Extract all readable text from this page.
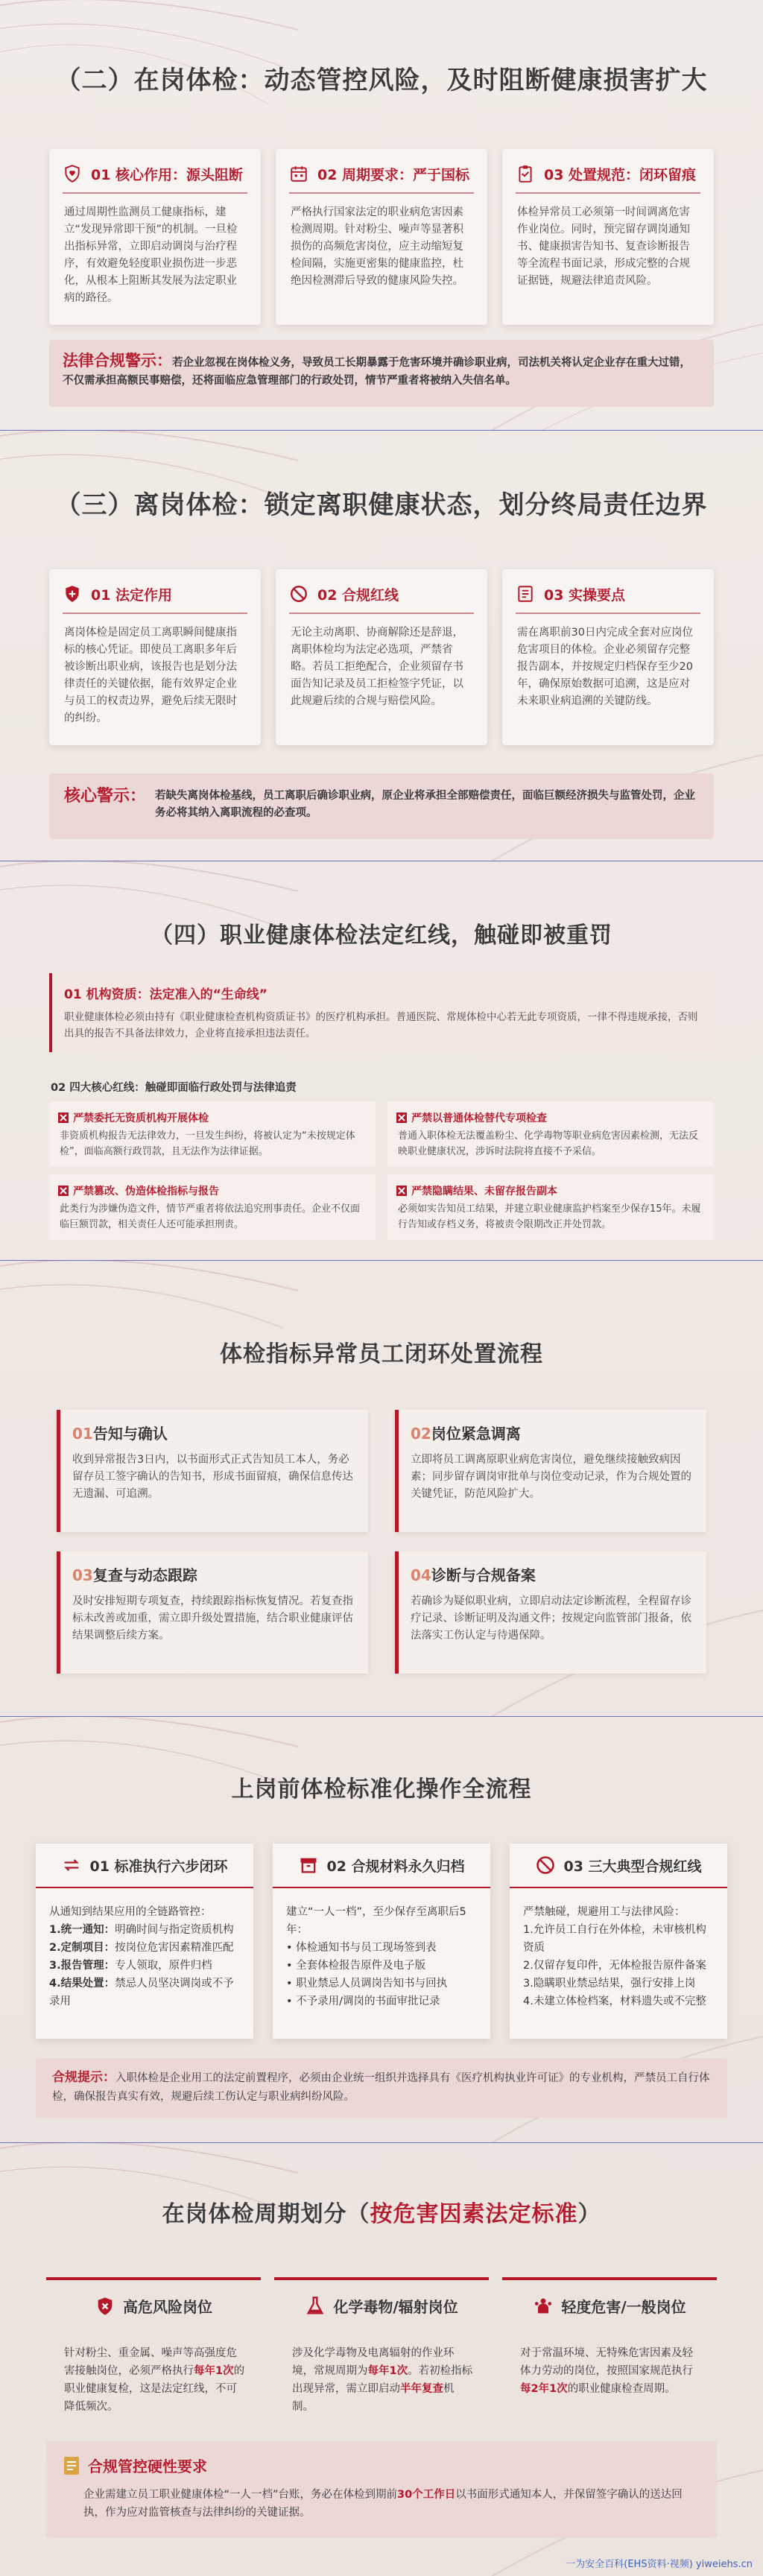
（二）在岗体检：动态管控风险，及时阻断健康损害扩大
01 核心作用：源头阻断
通过周期性监测员工健康指标，建立“发现异常即干预”的机制。一旦检出指标异常，立即启动调岗与治疗程序，有效避免轻度职业损伤进一步恶化，从根本上阻断其发展为法定职业病的路径。
02 周期要求：严于国标
严格执行国家法定的职业病危害因素检测周期。针对粉尘、噪声等显著积损伤的高频危害岗位，应主动缩短复检间隔，实施更密集的健康监控，杜绝因检测滞后导致的健康风险失控。
03 处置规范：闭环留痕
体检异常员工必须第一时间调离危害作业岗位。同时，预完留存调岗通知书、健康损害告知书、复查诊断报告等全流程书面记录，形成完整的合规证据链，规避法律追责风险。
法律合规警示：若企业忽视在岗体检义务，导致员工长期暴露于危害环境并确诊职业病，司法机关将认定企业存在重大过错，不仅需承担高额民事赔偿，还将面临应急管理部门的行政处罚，情节严重者将被纳入失信名单。
（三）离岗体检：锁定离职健康状态，划分终局责任边界
01 法定作用
离岗体检是固定员工离职瞬间健康指标的核心凭证。即使员工离职多年后被诊断出职业病，该报告也是划分法律责任的关键依据，能有效界定企业与员工的权责边界，避免后续无限时的纠纷。
02 合规红线
无论主动离职、协商解除还是辞退，离职体检均为法定必选项，严禁省略。若员工拒绝配合，企业须留存书面告知记录及员工拒检签字凭证，以此规避后续的合规与赔偿风险。
03 实操要点
需在离职前30日内完成全套对应岗位危害项目的体检。企业必须留存完整报告副本，并按规定归档保存至少20年，确保原始数据可追溯，这是应对未来职业病追溯的关键防线。
核心警示： 若缺失离岗体检基线，员工离职后确诊职业病，原企业将承担全部赔偿责任，面临巨额经济损失与监管处罚，企业务必将其纳入离职流程的必查项。
（四）职业健康体检法定红线，触碰即被重罚
01 机构资质：法定准入的“生命线”
职业健康体检必须由持有《职业健康检查机构资质证书》的医疗机构承担。普通医院、常规体检中心若无此专项资质，一律不得违规承接，否则出具的报告不具备法律效力，企业将直接承担违法责任。
02 四大核心红线：触碰即面临行政处罚与法律追责
严禁委托无资质机构开展体检
非资质机构报告无法律效力，一旦发生纠纷，将被认定为“未按规定体检”，面临高额行政罚款，且无法作为法律证据。
严禁以普通体检替代专项检查
普通入职体检无法覆盖粉尘、化学毒物等职业病危害因素检测，无法反映职业健康状况，涉诉时法院将直接不予采信。
严禁篡改、伪造体检指标与报告
此类行为涉嫌伪造文件，情节严重者将依法追究刑事责任。企业不仅面临巨额罚款，相关责任人还可能承担刑责。
严禁隐瞒结果、未留存报告副本
必须如实告知员工结果，并建立职业健康监护档案至少保存15年。未履行告知或存档义务，将被责令限期改正并处罚款。
体检指标异常员工闭环处置流程
01告知与确认
收到异常报告3日内，以书面形式正式告知员工本人，务必留存员工签字确认的告知书，形成书面留痕，确保信息传达无遗漏、可追溯。
02岗位紧急调离
立即将员工调离原职业病危害岗位，避免继续接触致病因素；同步留存调岗审批单与岗位变动记录，作为合规处置的关键凭证，防范风险扩大。
03复查与动态跟踪
及时安排短期专项复查，持续跟踪指标恢复情况。若复查指标未改善或加重，需立即升级处置措施，结合职业健康评估结果调整后续方案。
04诊断与合规备案
若确诊为疑似职业病，立即启动法定诊断流程，全程留存诊疗记录、诊断证明及沟通文件；按规定向监管部门报备，依法落实工伤认定与待遇保障。
上岗前体检标准化操作全流程
01 标准执行六步闭环
从通知到结果应用的全链路管控：
1.统一通知：明确时间与指定资质机构
2.定制项目：按岗位危害因素精准匹配
3.报告管理：专人领取，原件归档
4.结果处置：禁忌人员坚决调岗或不予录用
02 合规材料永久归档
建立“一人一档”，至少保存至离职后5年：
• 体检通知书与员工现场签到表
• 全套体检报告原件及电子版
• 职业禁忌人员调岗告知书与回执
• 不予录用/调岗的书面审批记录
03 三大典型合规红线
严禁触碰，规避用工与法律风险：
1.允许员工自行在外体检，未审核机构资质
2.仅留存复印件，无体检报告原件备案
3.隐瞒职业禁忌结果，强行安排上岗
4.未建立体检档案，材料遗失或不完整
合规提示：入职体检是企业用工的法定前置程序，必须由企业统一组织并选择具有《医疗机构执业许可证》的专业机构，严禁员工自行体检，确保报告真实有效，规避后续工伤认定与职业病纠纷风险。
在岗体检周期划分（按危害因素法定标准）
高危风险岗位
针对粉尘、重金属、噪声等高强度危害接触岗位，必须严格执行每年1次的职业健康复检，这是法定红线，不可降低频次。
化学毒物/辐射岗位
涉及化学毒物及电离辐射的作业环境，常规周期为每年1次。若初检指标出现异常，需立即启动半年复查机制。
轻度危害/一般岗位
对于常温环境、无特殊危害因素及轻体力劳动的岗位，按照国家规范执行每2年1次的职业健康检查周期。
合规管控硬性要求
企业需建立员工职业健康体检“一人一档”台账，务必在体检到期前30个工作日以书面形式通知本人，并保留签字确认的送达回执，作为应对监管核查与法律纠纷的关键证据。
一为安全百科(EHS资料·视频) yiweiehs.cn
